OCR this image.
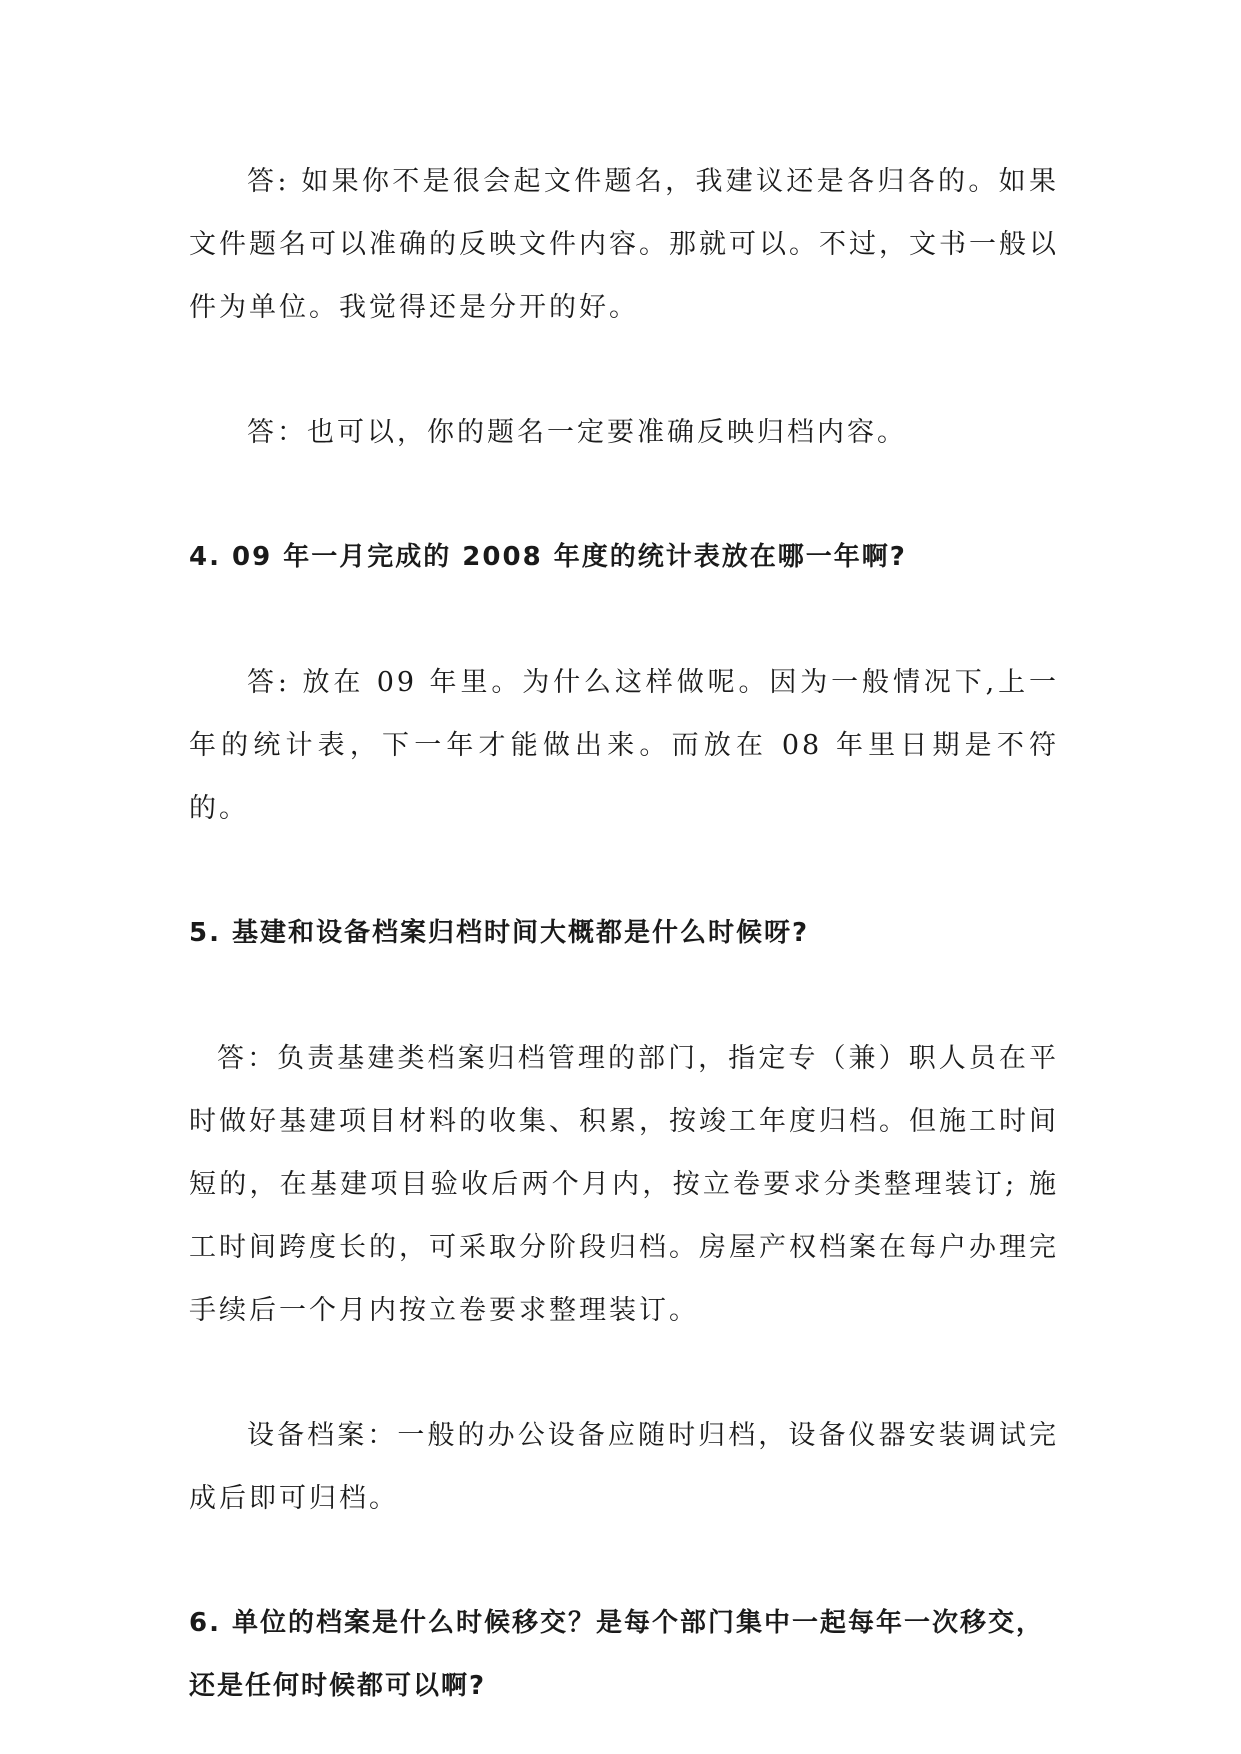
答: 如果你不是很会起文件题名，我建议还是各归各的。如果文件题名可以准确的反映文件内容。那就可以。不过，文书一般以件为单位。我觉得还是分开的好。

答：也可以，你的题名一定要准确反映归档内容。

4. 09 年一月完成的 2008 年度的统计表放在哪一年啊?

答: 放在 09 年里。为什么这样做呢。因为一般情况下,上一年的统计表，下一年才能做出来。而放在 08 年里日期是不符的。

5. 基建和设备档案归档时间大概都是什么时候呀?

答：负责基建类档案归档管理的部门，指定专（兼）职人员在平时做好基建项目材料的收集、积累，按竣工年度归档。但施工时间短的，在基建项目验收后两个月内，按立卷要求分类整理装订; 施工时间跨度长的，可采取分阶段归档。房屋产权档案在每户办理完手续后一个月内按立卷要求整理装订。

设备档案：一般的办公设备应随时归档，设备仪器安装调试完成后即可归档。

6. 单位的档案是什么时候移交？是每个部门集中一起每年一次移交，还是任何时候都可以啊?
